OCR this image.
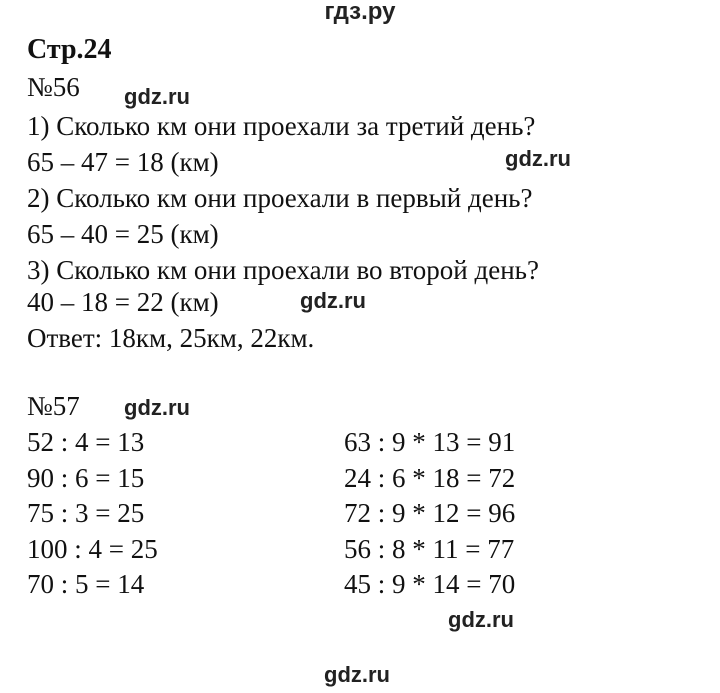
гдз.ру
Стр.24
№56 gdz.ru
1) Сколько км они проехали за третий день?
65 – 47 = 18 (км)	gdz.ru
2) Сколько км они проехали в первый день?
65 – 40 = 25 (км)
3) Сколько км они проехали во второй день?
40 – 18 = 22 (км)	gdz.ru
Ответ: 18км, 25км, 22км.
№57 gdz.ru
52 : 4 = 13
90 : 6 = 15
75 : 3 = 25
100 : 4 = 25
70 : 5 = 14
63 : 9 * 13 = 91
24 : 6 * 18 = 72
72 : 9 * 12 = 96
56 : 8 * 11 = 77
45 : 9 * 14 = 70
gdz.ru
gdz.ru
